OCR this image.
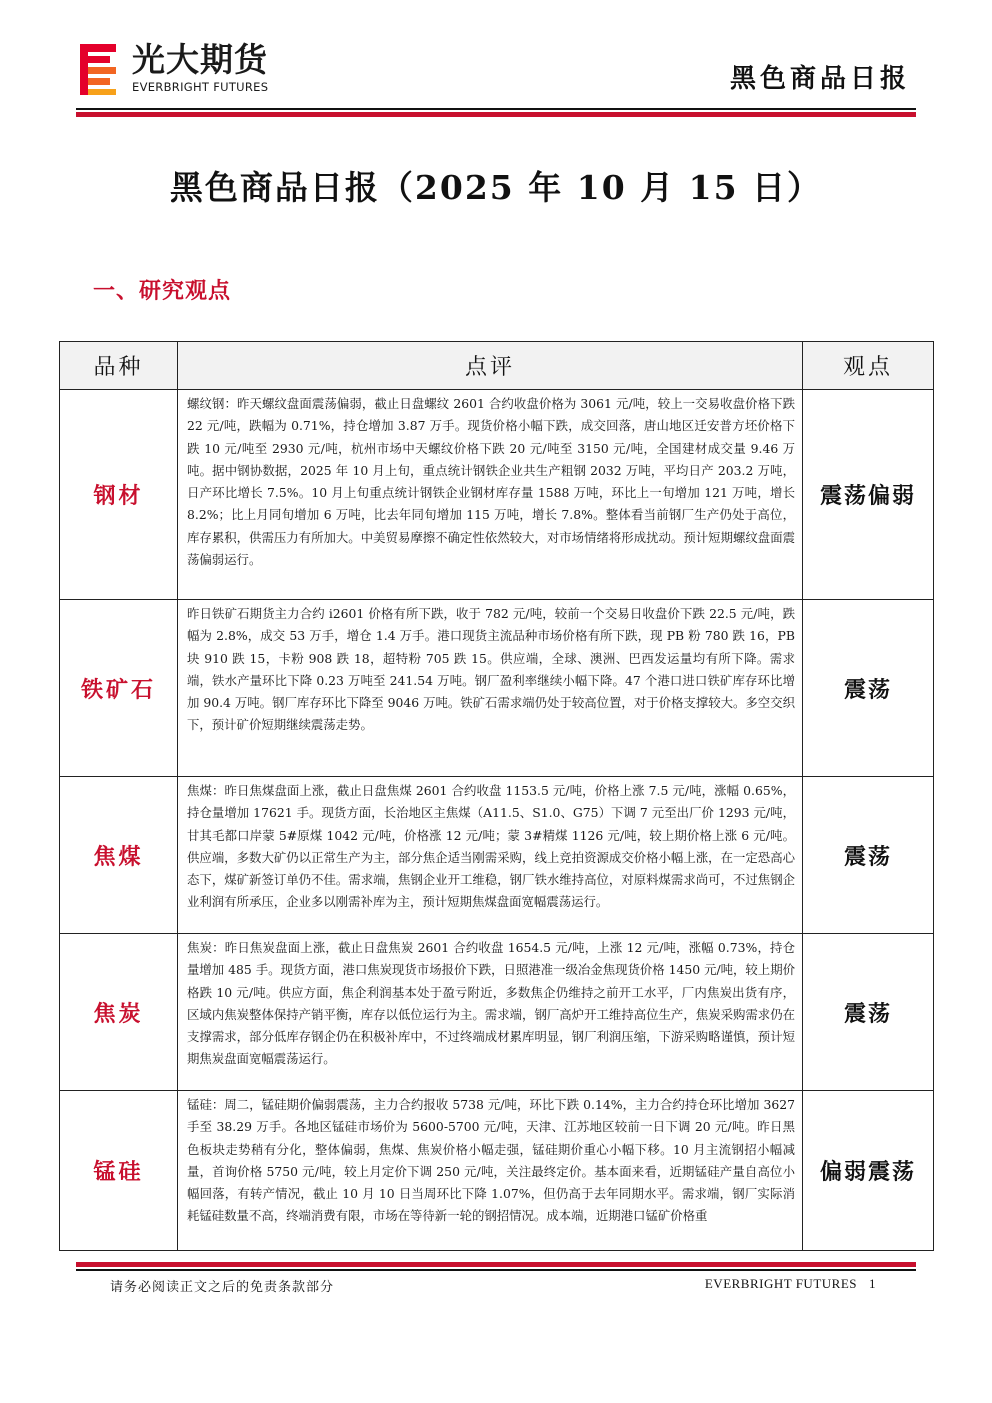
光大期货
EVERBRIGHT FUTURES	黑色商品日报
黑色商品日报（2025 年 10 月 15 日）
一、研究观点
品种	点评	观点
钢材	螺纹钢：昨天螺纹盘面震荡偏弱，截止日盘螺纹 2601 合约收盘价格为 3061 元/吨，较上一交易收盘价格下跌 22 元/吨，跌幅为 0.71%，持仓增加 3.87 万手。现货价格小幅下跌，成交回落，唐山地区迁安普方坯价格下跌 10 元/吨至 2930 元/吨，杭州市场中天螺纹价格下跌 20 元/吨至 3150 元/吨，全国建材成交量 9.46 万吨。据中钢协数据，2025 年 10 月上旬，重点统计钢铁企业共生产粗钢 2032 万吨，平均日产 203.2 万吨，日产环比增长 7.5%。10 月上旬重点统计钢铁企业钢材库存量 1588 万吨，环比上一旬增加 121 万吨，增长 8.2%；比上月同旬增加 6 万吨，比去年同旬增加 115 万吨，增长 7.8%。整体看当前钢厂生产仍处于高位，库存累积，供需压力有所加大。中美贸易摩擦不确定性依然较大，对市场情绪将形成扰动。预计短期螺纹盘面震荡偏弱运行。	震荡偏弱
铁矿石	昨日铁矿石期货主力合约 i2601 价格有所下跌，收于 782 元/吨，较前一个交易日收盘价下跌 22.5 元/吨，跌幅为 2.8%，成交 53 万手，增仓 1.4 万手。港口现货主流品种市场价格有所下跌，现 PB 粉 780 跌 16，PB 块 910 跌 15，卡粉 908 跌 18，超特粉 705 跌 15。供应端，全球、澳洲、巴西发运量均有所下降。需求端，铁水产量环比下降 0.23 万吨至 241.54 万吨。钢厂盈利率继续小幅下降。47 个港口进口铁矿库存环比增加 90.4 万吨。钢厂库存环比下降至 9046 万吨。铁矿石需求端仍处于较高位置，对于价格支撑较大。多空交织下，预计矿价短期继续震荡走势。	震荡
焦煤	焦煤：昨日焦煤盘面上涨，截止日盘焦煤 2601 合约收盘 1153.5 元/吨，价格上涨 7.5 元/吨，涨幅 0.65%，持仓量增加 17621 手。现货方面，长治地区主焦煤（A11.5、S1.0、G75）下调 7 元至出厂价 1293 元/吨，甘其毛都口岸蒙 5#原煤 1042 元/吨，价格涨 12 元/吨；蒙 3#精煤 1126 元/吨，较上期价格上涨 6 元/吨。供应端，多数大矿仍以正常生产为主，部分焦企适当刚需采购，线上竞拍资源成交价格小幅上涨，在一定恐高心态下，煤矿新签订单仍不佳。需求端，焦钢企业开工维稳，钢厂铁水维持高位，对原料煤需求尚可，不过焦钢企业利润有所承压，企业多以刚需补库为主，预计短期焦煤盘面宽幅震荡运行。	震荡
焦炭	焦炭：昨日焦炭盘面上涨，截止日盘焦炭 2601 合约收盘 1654.5 元/吨，上涨 12 元/吨，涨幅 0.73%，持仓量增加 485 手。现货方面，港口焦炭现货市场报价下跌，日照港准一级冶金焦现货价格 1450 元/吨，较上期价格跌 10 元/吨。供应方面，焦企利润基本处于盈亏附近，多数焦企仍维持之前开工水平，厂内焦炭出货有序，区域内焦炭整体保持产销平衡，库存以低位运行为主。需求端，钢厂高炉开工维持高位生产，焦炭采购需求仍在支撑需求，部分低库存钢企仍在积极补库中，不过终端成材累库明显，钢厂利润压缩，下游采购略谨慎，预计短期焦炭盘面宽幅震荡运行。	震荡
锰硅	锰硅：周二，锰硅期价偏弱震荡，主力合约报收 5738 元/吨，环比下跌 0.14%，主力合约持仓环比增加 3627 手至 38.29 万手。各地区锰硅市场价为 5600-5700 元/吨，天津、江苏地区较前一日下调 20 元/吨。昨日黑色板块走势稍有分化，整体偏弱，焦煤、焦炭价格小幅走强，锰硅期价重心小幅下移。10 月主流钢招小幅减量，首询价格 5750 元/吨，较上月定价下调 250 元/吨，关注最终定价。基本面来看，近期锰硅产量自高位小幅回落，有转产情况，截止 10 月 10 日当周环比下降 1.07%，但仍高于去年同期水平。需求端，钢厂实际消耗锰硅数量不高，终端消费有限，市场在等待新一轮的钢招情况。成本端，近期港口锰矿价格重	偏弱震荡
请务必阅读正文之后的免责条款部分	EVERBRIGHT FUTURES 1
